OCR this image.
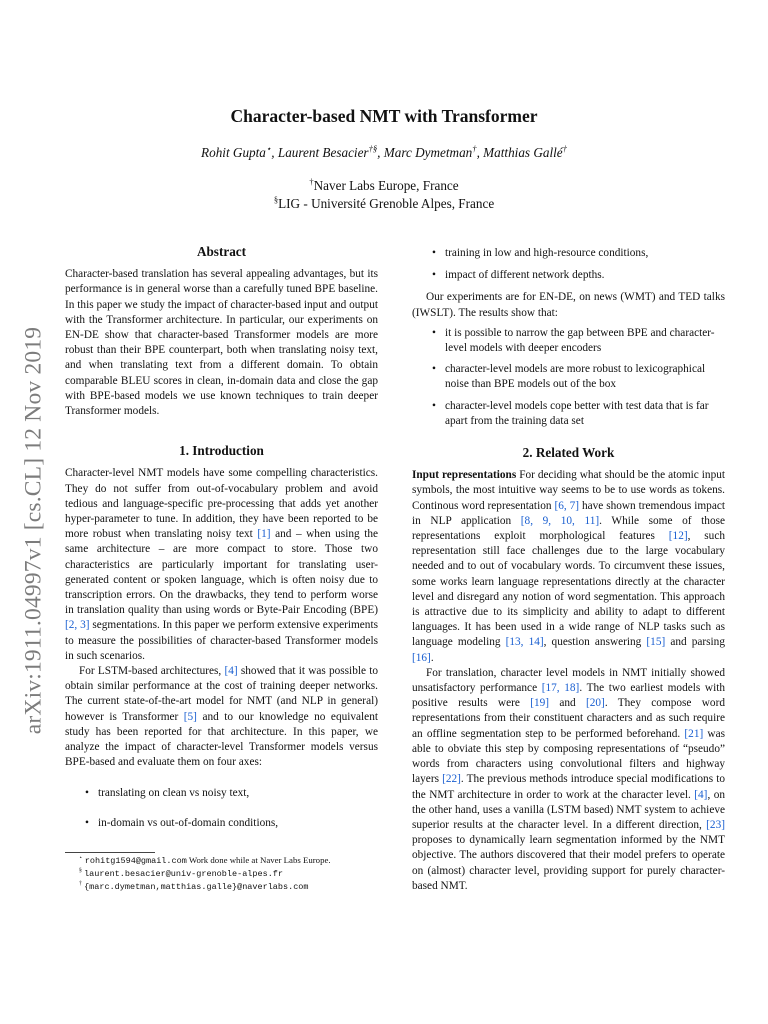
arXiv:1911.04997v1 [cs.CL] 12 Nov 2019
Character-based NMT with Transformer
Rohit Gupta⋆, Laurent Besacier†§, Marc Dymetman†, Matthias Gallé†
†Naver Labs Europe, France
§LIG - Université Grenoble Alpes, France
Abstract

Character-based translation has several appealing advantages, but its performance is in general worse than a carefully tuned BPE baseline. In this paper we study the impact of character-based input and output with the Transformer architecture. In particular, our experiments on EN-DE show that character-based Transformer models are more robust than their BPE counterpart, both when translating noisy text, and when translating text from a different domain. To obtain comparable BLEU scores in clean, in-domain data and close the gap with BPE-based models we use known techniques to train deeper Transformer models.

1. Introduction

Character-level NMT models have some compelling characteristics. They do not suffer from out-of-vocabulary problem and avoid tedious and language-specific pre-processing that adds yet another hyper-parameter to tune. In addition, they have been reported to be more robust when translating noisy text [1] and – when using the same architecture – are more compact to store. Those two characteristics are particularly important for translating user-generated content or spoken language, which is often noisy due to transcription errors. On the drawbacks, they tend to perform worse in translation quality than using words or Byte-Pair Encoding (BPE) [2, 3] segmentations. In this paper we perform extensive experiments to measure the possibilities of character-based Transformer models in such scenarios.

For LSTM-based architectures, [4] showed that it was possible to obtain similar performance at the cost of training deeper networks. The current state-of-the-art model for NMT (and NLP in general) however is Transformer [5] and to our knowledge no equivalent study has been reported for that architecture. In this paper, we analyze the impact of character-level Transformer models versus BPE-based and evaluate them on four axes:

• translating on clean vs noisy text,
• in-domain vs out-of-domain conditions,
• training in low and high-resource conditions,
• impact of different network depths.

Our experiments are for EN-DE, on news (WMT) and TED talks (IWSLT). The results show that:

• it is possible to narrow the gap between BPE and character-level models with deeper encoders
• character-level models are more robust to lexicographical noise than BPE models out of the box
• character-level models cope better with test data that is far apart from the training data set
2. Related Work

Input representations For deciding what should be the atomic input symbols, the most intuitive way seems to be to use words as tokens. Continous word representation [6, 7] have shown tremendous impact in NLP application [8, 9, 10, 11]. While some of those representations exploit morphological features [12], such representation still face challenges due to the large vocabulary needed and to out of vocabulary words. To circumvent these issues, some works learn language representations directly at the character level and disregard any notion of word segmentation. This approach is attractive due to its simplicity and ability to adapt to different languages. It has been used in a wide range of NLP tasks such as language modeling [13, 14], question answering [15] and parsing [16].

For translation, character level models in NMT initially showed unsatisfactory performance [17, 18]. The two earliest models with positive results were [19] and [20]. They compose word representations from their constituent characters and as such require an offline segmentation step to be performed beforehand. [21] was able to obviate this step by composing representations of “pseudo” words from characters using convolutional filters and highway layers [22]. The previous methods introduce special modifications to the NMT architecture in order to work at the character level. [4], on the other hand, uses a vanilla (LSTM based) NMT system to achieve superior results at the character level. In a different direction, [23] proposes to dynamically learn segmentation informed by the NMT objective. The authors discovered that their model prefers to operate on (almost) character level, providing support for purely character-based NMT.

⋆ rohitg1594@gmail.com Work done while at Naver Labs Europe.
§ laurent.besacier@univ-grenoble-alpes.fr
† {marc.dymetman,matthias.galle}@naverlabs.com
